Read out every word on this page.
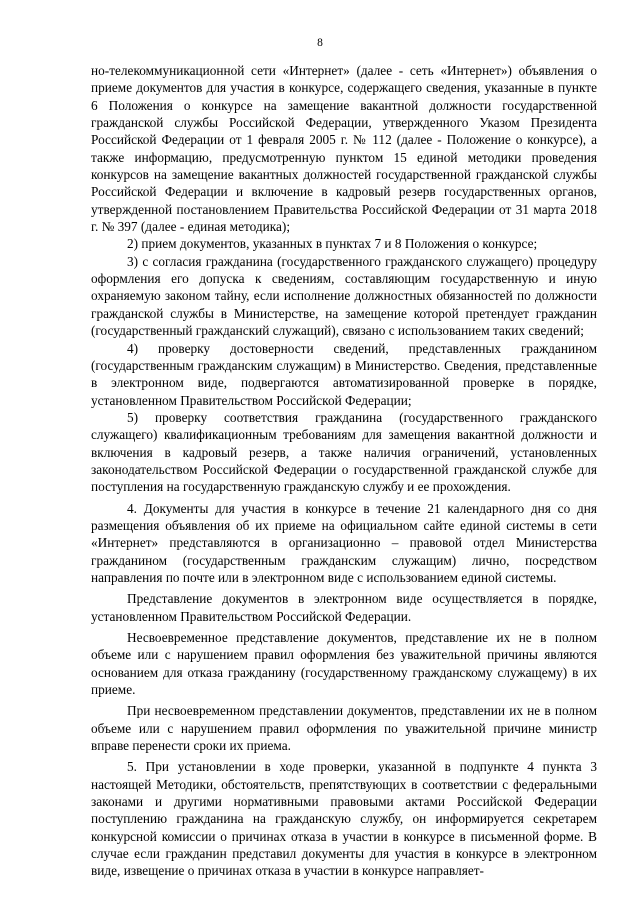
8

но-телекоммуникационной сети «Интернет» (далее - сеть «Интернет») объявления о приеме документов для участия в конкурсе, содержащего сведения, указанные в пункте 6 Положения о конкурсе на замещение вакантной должности государственной гражданской службы Российской Федерации, утвержденного Указом Президента Российской Федерации от 1 февраля 2005 г. № 112 (далее - Положение о конкурсе), а также информацию, предусмотренную пунктом 15 единой методики проведения конкурсов на замещение вакантных должностей государственной гражданской службы Российской Федерации и включение в кадровый резерв государственных органов, утвержденной постановлением Правительства Российской Федерации от 31 марта 2018 г. № 397 (далее - единая методика);

2) прием документов, указанных в пунктах 7 и 8 Положения о конкурсе;

3) с согласия гражданина (государственного гражданского служащего) процедуру оформления его допуска к сведениям, составляющим государственную и иную охраняемую законом тайну, если исполнение должностных обязанностей по должности гражданской службы в Министерстве, на замещение которой претендует гражданин (государственный гражданский служащий), связано с использованием таких сведений;

4) проверку достоверности сведений, представленных гражданином (государственным гражданским служащим) в Министерство. Сведения, представленные в электронном виде, подвергаются автоматизированной проверке в порядке, установленном Правительством Российской Федерации;

5) проверку соответствия гражданина (государственного гражданского служащего) квалификационным требованиям для замещения вакантной должности и включения в кадровый резерв, а также наличия ограничений, установленных законодательством Российской Федерации о государственной гражданской службе для поступления на государственную гражданскую службу и ее прохождения.

4. Документы для участия в конкурсе в течение 21 календарного дня со дня размещения объявления об их приеме на официальном сайте единой системы в сети «Интернет» представляются в организационно – правовой отдел Министерства гражданином (государственным гражданским служащим) лично, посредством направления по почте или в электронном виде с использованием единой системы.

Представление документов в электронном виде осуществляется в порядке, установленном Правительством Российской Федерации.

Несвоевременное представление документов, представление их не в полном объеме или с нарушением правил оформления без уважительной причины являются основанием для отказа гражданину (государственному гражданскому служащему) в их приеме.

При несвоевременном представлении документов, представлении их не в полном объеме или с нарушением правил оформления по уважительной причине министр вправе перенести сроки их приема.

5. При установлении в ходе проверки, указанной в подпункте 4 пункта 3 настоящей Методики, обстоятельств, препятствующих в соответствии с федеральными законами и другими нормативными правовыми актами Российской Федерации поступлению гражданина на гражданскую службу, он информируется секретарем конкурсной комиссии о причинах отказа в участии в конкурсе в письменной форме. В случае если гражданин представил документы для участия в конкурсе в электронном виде, извещение о причинах отказа в участии в конкурсе направляет-
